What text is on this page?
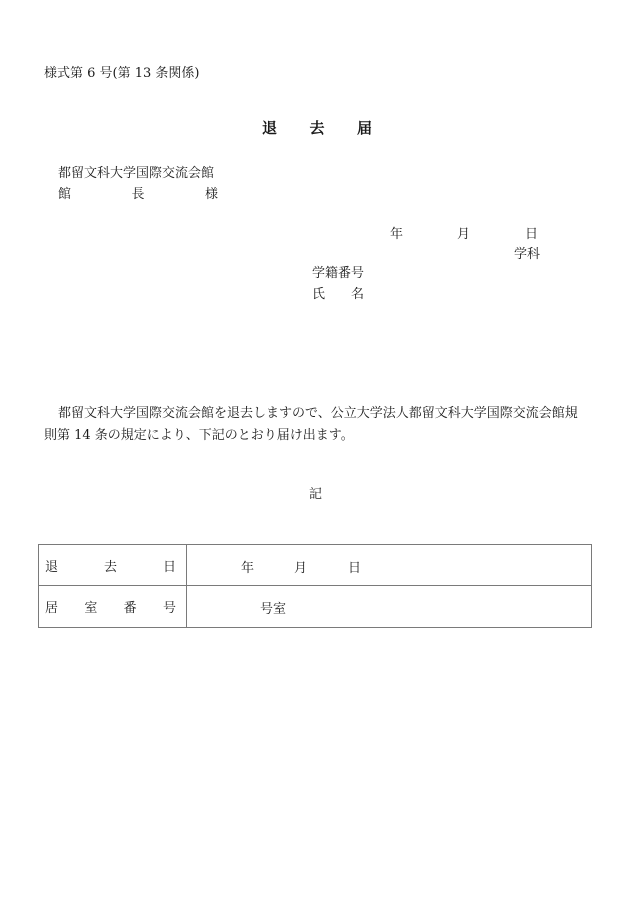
様式第 6 号(第 13 条関係)
退 去 届
都留文科大学国際交流会館
館	長	様
年	月	日
学科
学籍番号
氏 名
都留文科大学国際交流会館を退去しますので、公立大学法人都留文科大学国際交流会館規
則第 14 条の規定により、下記のとおり届け出ます。
記
退 去 日	年 月 日

居 室 番 号	号室
